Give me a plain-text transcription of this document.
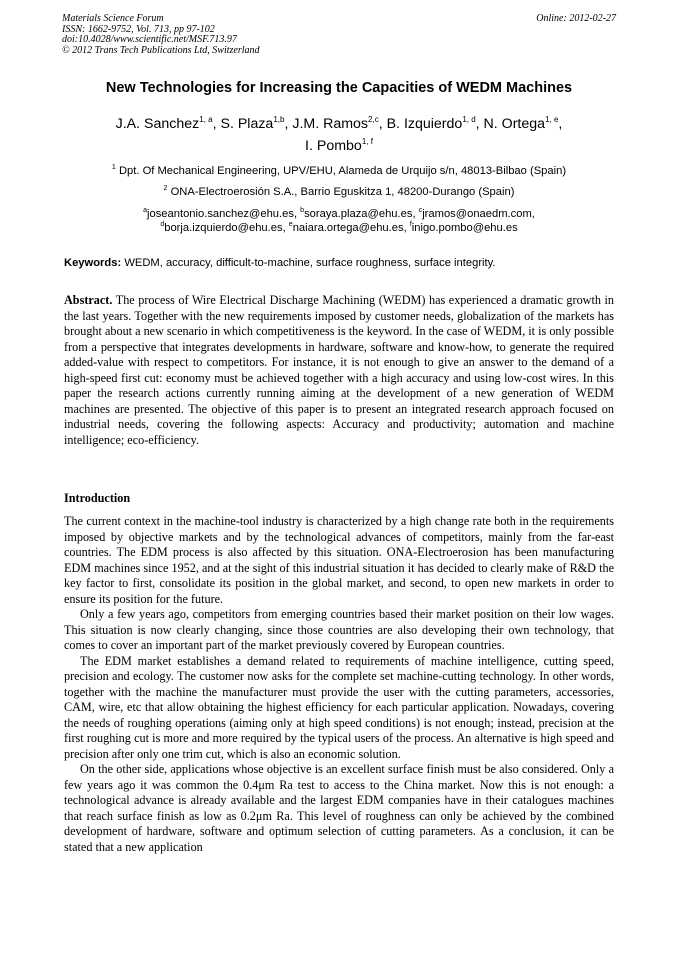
Materials Science Forum
ISSN: 1662-9752, Vol. 713, pp 97-102
doi:10.4028/www.scientific.net/MSF.713.97
© 2012 Trans Tech Publications Ltd, Switzerland
Online: 2012-02-27
New Technologies for Increasing the Capacities of WEDM Machines
J.A. Sanchez$^{1, a}$, S. Plaza$^{1,b}$, J.M. Ramos$^{2,c}$, B. Izquierdo$^{1, d}$, N. Ortega$^{1, e}$,
I. Pombo$^{1, f}$
$^1$ Dpt. Of Mechanical Engineering, UPV/EHU, Alameda de Urquijo s/n, 48013-Bilbao (Spain)
$^2$ ONA-Electroerosión S.A., Barrio Eguskitza 1, 48200-Durango (Spain)
$^a$joseantonio.sanchez@ehu.es, $^b$soraya.plaza@ehu.es, $^c$jramos@onaedm.com,
$^d$borja.izquierdo@ehu.es, $^e$naiara.ortega@ehu.es, $^f$inigo.pombo@ehu.es
Keywords: WEDM, accuracy, difficult-to-machine, surface roughness, surface integrity.
Abstract. The process of Wire Electrical Discharge Machining (WEDM) has experienced a dramatic growth in the last years. Together with the new requirements imposed by customer needs, globalization of the markets has brought about a new scenario in which competitiveness is the keyword. In the case of WEDM, it is only possible from a perspective that integrates developments in hardware, software and know-how, to generate the required added-value with respect to competitors. For instance, it is not enough to give an answer to the demand of a high-speed first cut: economy must be achieved together with a high accuracy and using low-cost wires. In this paper the research actions currently running aiming at the development of a new generation of WEDM machines are presented. The objective of this paper is to present an integrated research approach focused on industrial needs, covering the following aspects: Accuracy and productivity; automation and machine intelligence; eco-efficiency.
Introduction

The current context in the machine-tool industry is characterized by a high change rate both in the requirements imposed by objective markets and by the technological advances of competitors, mainly from the far-east countries. The EDM process is also affected by this situation. ONA-Electroerosion has been manufacturing EDM machines since 1952, and at the sight of this industrial situation it has decided to clearly make of R&D the key factor to first, consolidate its position in the global market, and second, to open new markets in order to ensure its position for the future.

Only a few years ago, competitors from emerging countries based their market position on their low wages. This situation is now clearly changing, since those countries are also developing their own technology, that comes to cover an important part of the market previously covered by European countries.

The EDM market establishes a demand related to requirements of machine intelligence, cutting speed, precision and ecology. The customer now asks for the complete set machine-cutting technology. In other words, together with the machine the manufacturer must provide the user with the cutting parameters, accessories, CAM, wire, etc that allow obtaining the highest efficiency for each particular application. Nowadays, covering the needs of roughing operations (aiming only at high speed conditions) is not enough; instead, precision at the first roughing cut is more and more required by the typical users of the process. An alternative is high speed and precision after only one trim cut, which is also an economic solution.

On the other side, applications whose objective is an excellent surface finish must be also considered. Only a few years ago it was common the 0.4μm Ra test to access to the China market. Now this is not enough: a technological advance is already available and the largest EDM companies have in their catalogues machines that reach surface finish as low as 0.2μm Ra. This level of roughness can only be achieved by the combined development of hardware, software and optimum selection of cutting parameters. As a conclusion, it can be stated that a new application
